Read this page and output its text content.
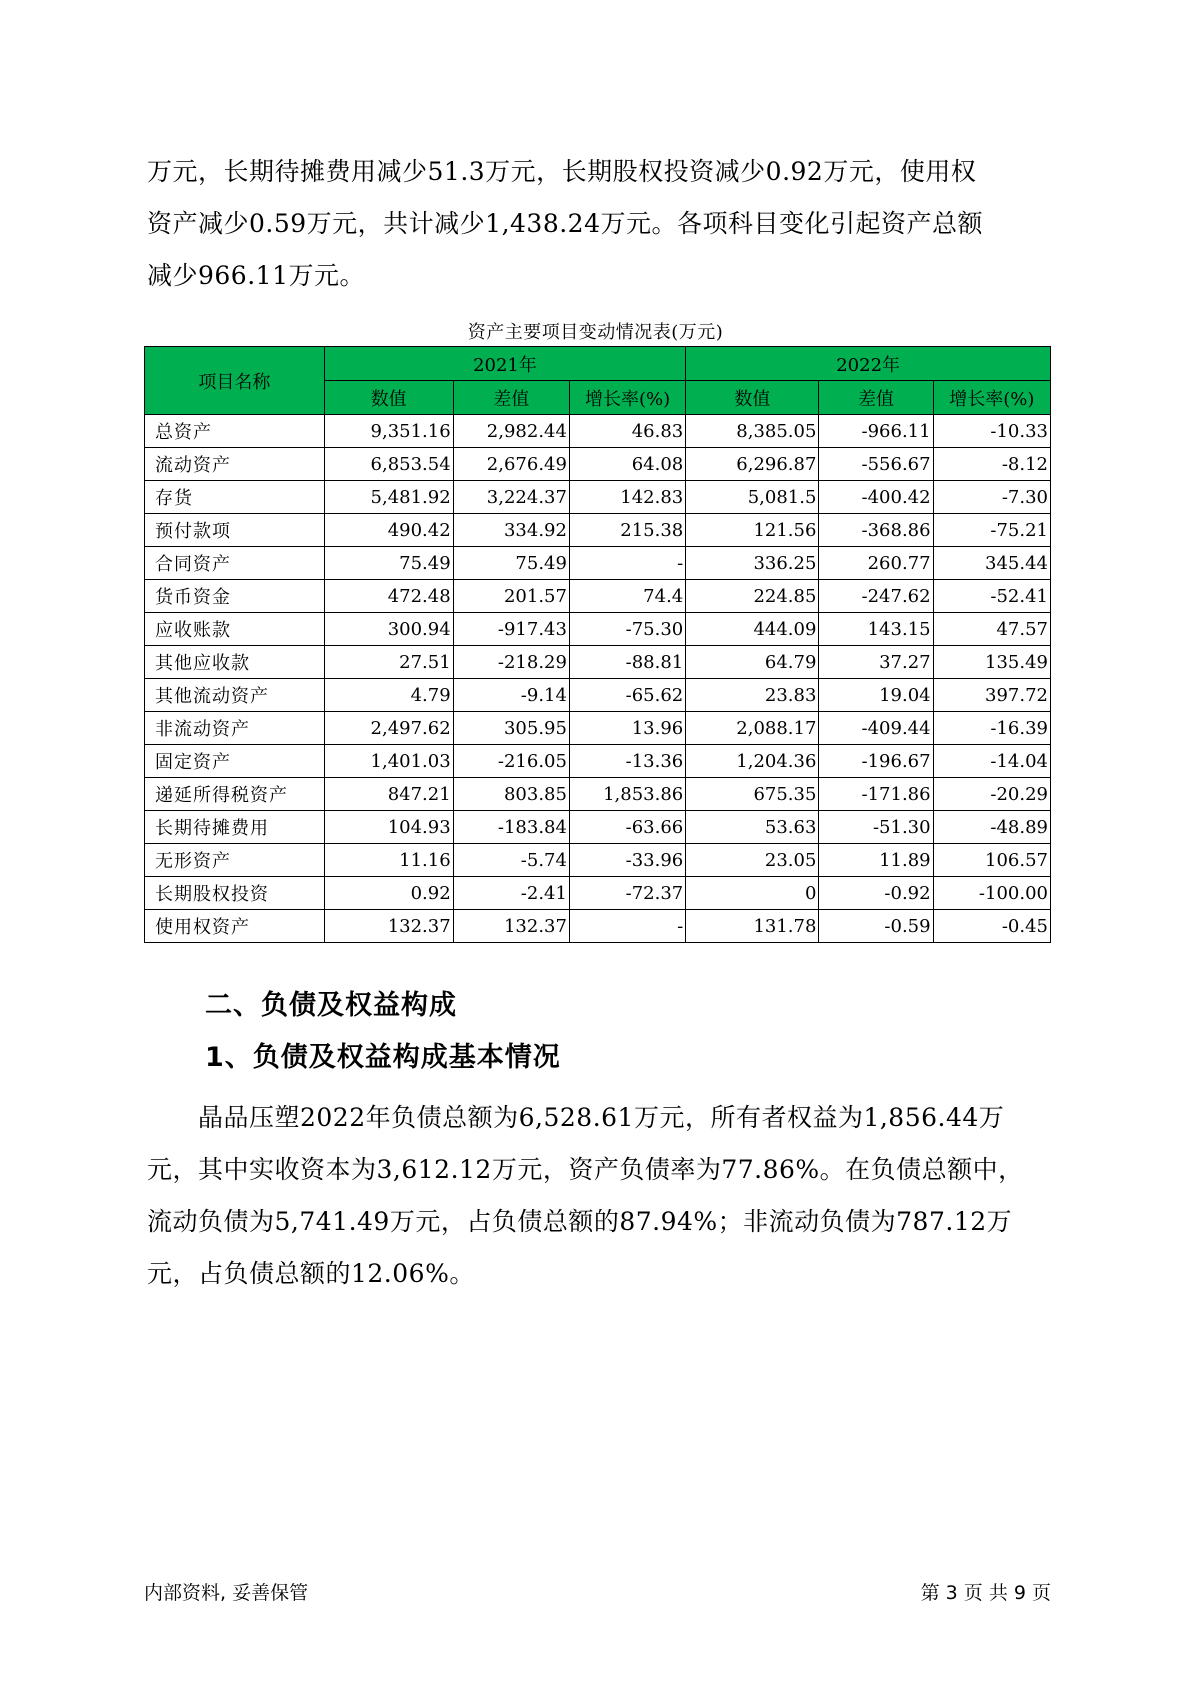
万元，长期待摊费用减少51.3万元，长期股权投资减少0.92万元，使用权

资产减少0.59万元，共计减少1,438.24万元。各项科目变化引起资产总额

减少966.11万元。

资产主要项目变动情况表(万元)
项目名称	2021年			2022年		
	数值	差值	增长率(%)	数值	差值	增长率(%)
总资产	9,351.16	2,982.44	46.83	8,385.05	-966.11	-10.33
流动资产	6,853.54	2,676.49	64.08	6,296.87	-556.67	-8.12
存货	5,481.92	3,224.37	142.83	5,081.5	-400.42	-7.30
预付款项	490.42	334.92	215.38	121.56	-368.86	-75.21
合同资产	75.49	75.49	-	336.25	260.77	345.44
货币资金	472.48	201.57	74.4	224.85	-247.62	-52.41
应收账款	300.94	-917.43	-75.30	444.09	143.15	47.57
其他应收款	27.51	-218.29	-88.81	64.79	37.27	135.49
其他流动资产	4.79	-9.14	-65.62	23.83	19.04	397.72
非流动资产	2,497.62	305.95	13.96	2,088.17	-409.44	-16.39
固定资产	1,401.03	-216.05	-13.36	1,204.36	-196.67	-14.04
递延所得税资产	847.21	803.85	1,853.86	675.35	-171.86	-20.29
长期待摊费用	104.93	-183.84	-63.66	53.63	-51.30	-48.89
无形资产	11.16	-5.74	-33.96	23.05	11.89	106.57
长期股权投资	0.92	-2.41	-72.37	0	-0.92	-100.00
使用权资产	132.37	132.37	-	131.78	-0.59	-0.45
二、负债及权益构成
1、负债及权益构成基本情况

　　晶品压塑2022年负债总额为6,528.61万元，所有者权益为1,856.44万

元，其中实收资本为3,612.12万元，资产负债率为77.86%。在负债总额中，

流动负债为5,741.49万元，占负债总额的87.94%；非流动负债为787.12万

元，占负债总额的12.06%。

内部资料, 妥善保管	第 3 页 共 9 页
